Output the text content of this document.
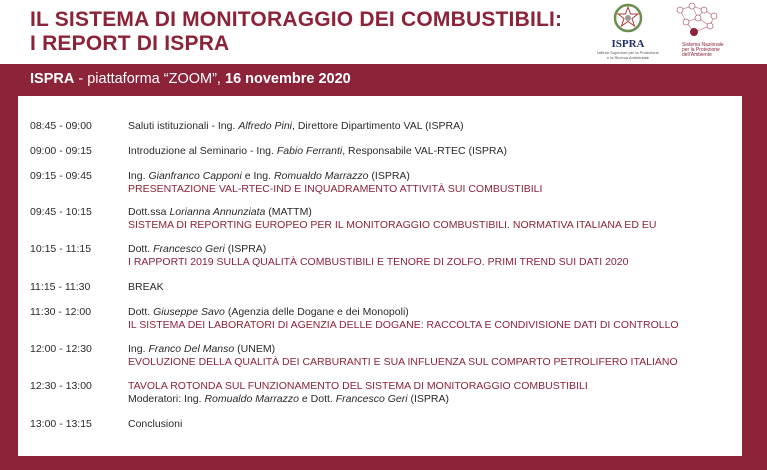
IL SISTEMA DI MONITORAGGIO DEI COMBUSTIBILI:
I REPORT DI ISPRA	ISPRA
Istituto Superiore per la Protezione e la Ricerca Ambientale
Sistema Nazionale per la Protezione dell'Ambiente
ISPRA - piattaforma “ZOOM”, 16 novembre 2020
08:45 - 09:00	Saluti istituzionali - Ing. Alfredo Pini, Direttore Dipartimento VAL (ISPRA)
09:00 - 09:15	Introduzione al Seminario - Ing. Fabio Ferranti, Responsabile VAL-RTEC (ISPRA)
09:15 - 09:45	Ing. Gianfranco Capponi e Ing. Romualdo Marrazzo (ISPRA)
PRESENTAZIONE VAL-RTEC-IND E INQUADRAMENTO ATTIVITÀ SUI COMBUSTIBILI
09:45 - 10:15	Dott.ssa Lorianna Annunziata (MATTM)
SISTEMA DI REPORTING EUROPEO PER IL MONITORAGGIO COMBUSTIBILI. NORMATIVA ITALIANA ED EU
10:15 - 11:15	Dott. Francesco Geri (ISPRA)
I RAPPORTI 2019 SULLA QUALITÀ COMBUSTIBILI E TENORE DI ZOLFO. PRIMI TREND SUI DATI 2020
11:15 - 11:30	BREAK
11:30 - 12:00	Dott. Giuseppe Savo (Agenzia delle Dogane e dei Monopoli)
IL SISTEMA DEI LABORATORI DI AGENZIA DELLE DOGANE: RACCOLTA E CONDIVISIONE DATI DI CONTROLLO
12:00 - 12:30	Ing. Franco Del Manso (UNEM)
EVOLUZIONE DELLA QUALITÀ DEI CARBURANTI E SUA INFLUENZA SUL COMPARTO PETROLIFERO ITALIANO
12:30 - 13:00	TAVOLA ROTONDA SUL FUNZIONAMENTO DEL SISTEMA DI MONITORAGGIO COMBUSTIBILI
Moderatori: Ing. Romualdo Marrazzo e Dott. Francesco Geri (ISPRA)
13:00 - 13:15	Conclusioni
